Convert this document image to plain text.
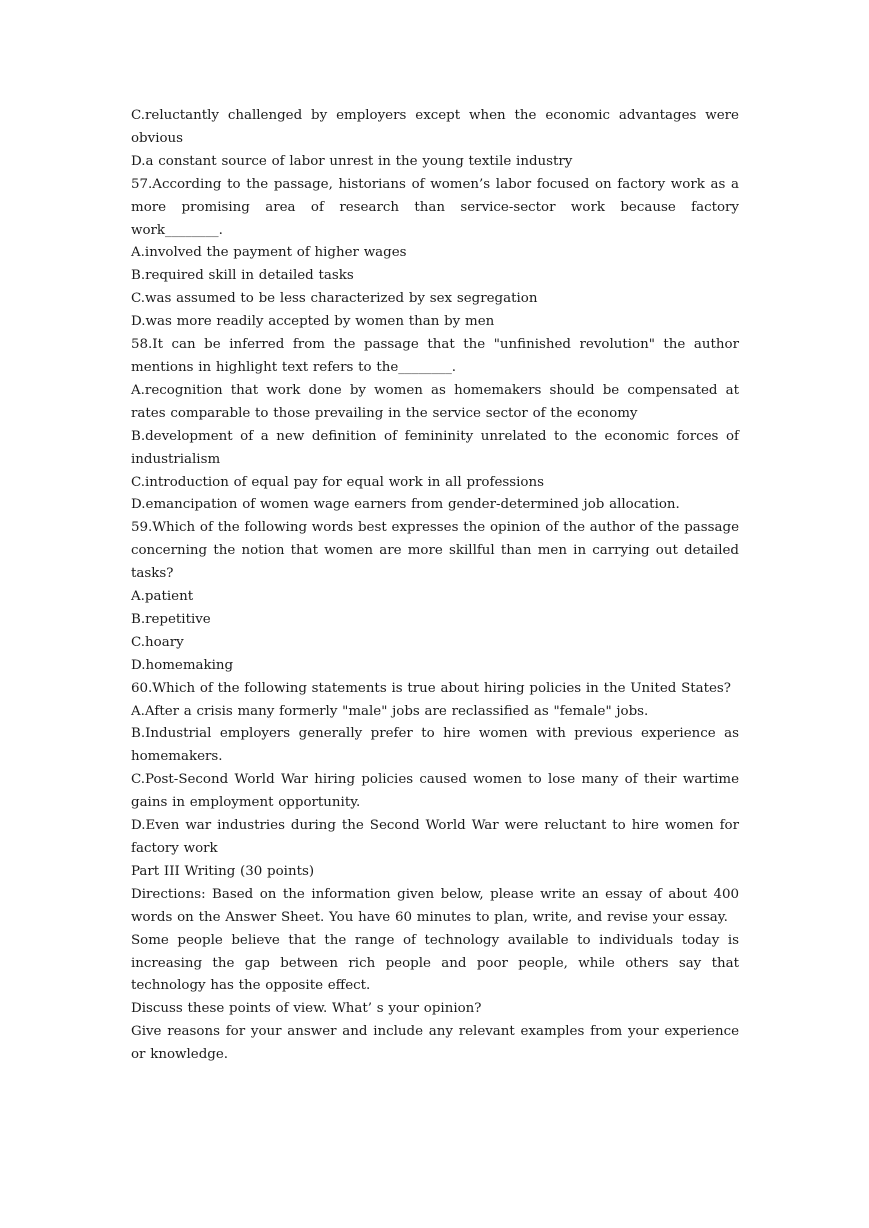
C.reluctantly challenged by employers except when the economic advantages were obvious

D.a constant source of labor unrest in the young textile industry

57.According to the passage, historians of women’s labor focused on factory work as a more promising area of research than service-sector work because factory work________.

A.involved the payment of higher wages

B.required skill in detailed tasks

C.was assumed to be less characterized by sex segregation

D.was more readily accepted by women than by men

58.It can be inferred from the passage that the "unfinished revolution" the author mentions in highlight text refers to the________.

A.recognition that work done by women as homemakers should be compensated at rates comparable to those prevailing in the service sector of the economy

B.development of a new definition of femininity unrelated to the economic forces of industrialism

C.introduction of equal pay for equal work in all professions

D.emancipation of women wage earners from gender-determined job allocation.

59.Which of the following words best expresses the opinion of the author of the passage concerning the notion that women are more skillful than men in carrying out detailed tasks?

A.patient

B.repetitive

C.hoary

D.homemaking

60.Which of the following statements is true about hiring policies in the United States?

A.After a crisis many formerly "male" jobs are reclassified as "female" jobs.

B.Industrial employers generally prefer to hire women with previous experience as homemakers.

C.Post-Second World War hiring policies caused women to lose many of their wartime gains in employment opportunity.

D.Even war industries during the Second World War were reluctant to hire women for factory work

Part III Writing (30 points)

Directions: Based on the information given below, please write an essay of about 400 words on the Answer Sheet. You have 60 minutes to plan, write, and revise your essay.

Some people believe that the range of technology available to individuals today is increasing the gap between rich people and poor people, while others say that technology has the opposite effect.

Discuss these points of view. What’ s your opinion?

Give reasons for your answer and include any relevant examples from your experience or knowledge.
